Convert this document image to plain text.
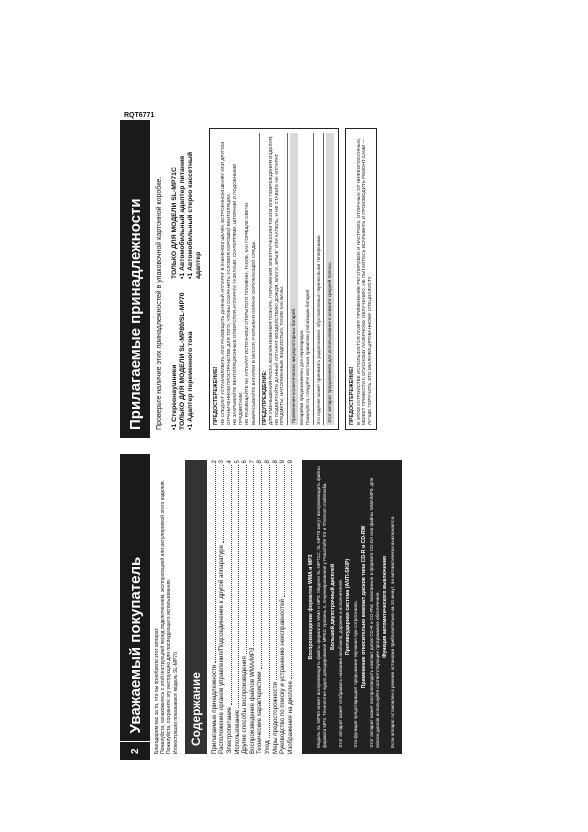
RQT6771
2
Уважаемый покупатель Благодарим вас за то, что вы приобрели этот аппарат. Пожалуйста, ознакомьтесь с этой инструкцией перед подключением, эксплуатацией или регулировкой этого изделия. Пожалуйста, сохраните эту инструкцию для последующего использования. Иллюстрации показывают модель SL-MP70. Содержание	Прилагаемые принадлежности
2
Расположение органов управления/Подсоединение к другой аппаратуре
3
Электропитание
4
Использование
5
Другие способы воспроизведения
6
Воспроизведение файлов WMA/MP3
7
Технические характеристики
8
Уход
8
Меры предосторожности
8
Руководство по поиску и устранению неисправностей
9
Изображения на дисплее
9
Воспроизведение форматов WMA и MP3 Модель SL-MP80 может воспроизводить файлы форматов WMA и MP3. Модели SL-MP71C, SL-MP70 могут воспроизводить файлы формата MP3. Технология аудио декодирования MPEG Уровень 3, лицензированная у Fraunhofer IIS и Thomson multimedia. Большой двухстрочный дисплей Этот аппарат может отображать названия альбомов, дорожек и исполнителей. Противоударная система (ANTI-SKIP) Эта функция предотвращает прерывание звучания при сотрясениях. Применение относительно компакт дисков типа CD-R и CD-RW Этот аппарат может воспроизводить компакт диски CD-R и CD-RW, записанные в формате CD-DA или файлы WMA/MP3. Для записи дисков используйте соответствующее программное обеспечение. Функция автоматического выключения Если аппарат остановлен в режиме остановки приблизительно на 10 минут, он автоматически выключается.

Прилагаемые принадлежности Проверьте наличие этих принадлежностей в упаковочной картонной коробке. ▪1 Стереонаушники ТОЛЬКО ДЛЯ МОДЕЛИ SL-MP80/SL-MP70 ▪1 Адаптер переменного тока
ТОЛЬКО ДЛЯ МОДЕЛИ SL-MP71C ▪1 Автомобильный адаптер питания ▪1 Автомобильный стерео кассетный адаптер
ПРЕДОСТЕРЕЖЕНИЕ! НЕ СЛЕДУЕТ УСТАНАВЛИВАТЬ ИЛИ РАЗМЕЩАТЬ ДАННЫЙ АППАРАТ В КНИЖНОМ ШКАФУ, ВСТРОЕННОМ ШКАФУ ИЛИ ДРУГОМ ОГРАНИЧЕННОМ ПРОСТРАНСТВЕ ДЛЯ ТОГО, ЧТОБЫ СОХРАНИТЬ УСЛОВИЯ ХОРОШЕЙ ВЕНТИЛЯЦИИ. НЕ ЗАКРЫВАЙТЕ ВЕНТИЛЯЦИОННЫЕ ОТВЕРСТИЯ АППАРАТА ГАЗЕТАМИ, СКАТЕРТЯМИ, ШТОРАМИ И ПОДОБНЫМИ ПРЕДМЕТАМИ. НЕ РАЗМЕЩАЙТЕ НА АППАРАТ ИСТОЧНИКИ ОТКРЫТОГО ПЛАМЕНИ, ТАКИЕ, КАК ГОРЯЩИЕ СВЕЧИ. ВЫБРАСЫВАЙТЕ БАТАРЕИ В МУСОР, УЧИТЫВАЯ ОХРАНУ ОКРУЖАЮЩЕЙ СРЕДЫ. ПРЕДУПРЕЖДЕНИЕ: ДЛЯ УМЕНЬШЕНИЯ РИСКА ВОЗНИКНОВЕНИЯ ПОЖАРА, ПОРАЖЕНИЯ ЭЛЕКТРИЧЕСКИМ ТОКОМ ИЛИ ПОВРЕЖДЕНИЯ ИЗДЕЛИЯ, НЕ ПОДВЕРГАЙТЕ ДАННЫЙ АППАРАТ ВОЗДЕЙСТВИЮ ДОЖДЯ, ВЛАГИ, БРЫЗГ ИЛИ КАПЕЛЬ, И НЕ СТАВЬТЕ НА АППАРАТ ПРЕДМЕТЫ, НАПОЛНЕННЫЕ ЖИДКОСТЬЮ, ТАКИЕ КАК ВАЗЫ. Применение косметических аккумуляторных батарей. Батарейки предназначены для перезарядки. Пожалуйста, следуйте местным правилам утилизации батарей. Это изделие может принимать радиопомехи, обусловленные переносными телефонами. Этот аппарат предназначен для использования в климате средней полосы.	ПРЕДОСТЕРЕЖЕНИЕ! В ЭТОМ УСТРОЙСТВЕ ИСПОЛЬЗУЕТСЯ ЛАЗЕР. ПРИМЕНЕНИЕ РЕГУЛИРОВОК И НАСТРОЕК, ОТЛИЧНЫХ ОТ НИЖЕОПИСАННЫХ, МОЖЕТ ПРИВЕСТИ К ОПАСНОМУ ЛАЗЕРНОМУ ОБЛУЧЕНИЮ. НЕ ПЫТАЙТЕСЬ ВСКРЫВАТЬ И ПРОИЗВОДИТЬ РЕМОНТ САМИ — ЛУЧШЕ ПОРУЧИТЬ ЭТО КВАЛИФИЦИРОВАННОМУ СПЕЦИАЛИСТУ.
